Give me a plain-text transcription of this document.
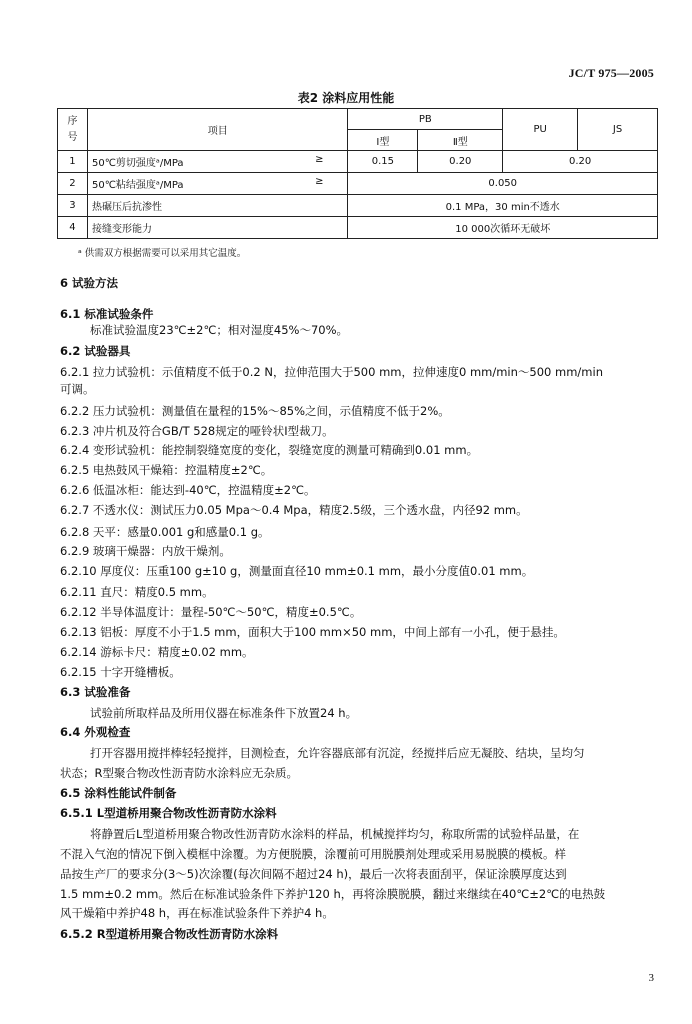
JC/T 975—2005
表2 涂料应用性能
序
号	项目	PB		PU	JS
		Ⅰ型	Ⅱ型		
1	50℃剪切强度ᵃ/MPa ≥	0.15	0.20	0.20	
2	50℃粘结强度ᵃ/MPa ≥	0.050			
3	热碾压后抗渗性	0.1 MPa，30 min不透水			
4	接缝变形能力	10 000次循环无破坏			
ᵃ 供需双方根据需要可以采用其它温度。
6 试验方法
6.1 标准试验条件
标准试验温度23℃±2℃；相对湿度45%～70%。
6.2 试验器具
6.2.1 拉力试验机：示值精度不低于0.2 N，拉伸范围大于500 mm，拉伸速度0 mm/min～500 mm/min
可调。
6.2.2 压力试验机：测量值在量程的15%～85%之间，示值精度不低于2%。
6.2.3 冲片机及符合GB/T 528规定的哑铃状Ⅰ型裁刀。
6.2.4 变形试验机：能控制裂缝宽度的变化，裂缝宽度的测量可精确到0.01 mm。
6.2.5 电热鼓风干燥箱：控温精度±2℃。
6.2.6 低温冰柜：能达到-40℃，控温精度±2℃。
6.2.7 不透水仪：测试压力0.05 Mpa～0.4 Mpa，精度2.5级，三个透水盘，内径92 mm。
6.2.8 天平：感量0.001 g和感量0.1 g。
6.2.9 玻璃干燥器：内放干燥剂。
6.2.10 厚度仪：压重100 g±10 g，测量面直径10 mm±0.1 mm，最小分度值0.01 mm。
6.2.11 直尺：精度0.5 mm。
6.2.12 半导体温度计：量程-50℃～50℃，精度±0.5℃。
6.2.13 铝板：厚度不小于1.5 mm，面积大于100 mm×50 mm，中间上部有一小孔，便于悬挂。
6.2.14 游标卡尺：精度±0.02 mm。
6.2.15 十字开缝槽板。
6.3 试验准备
试验前所取样品及所用仪器在标准条件下放置24 h。
6.4 外观检查
打开容器用搅拌棒轻轻搅拌，目测检查，允许容器底部有沉淀，经搅拌后应无凝胶、结块，呈均匀
状态；R型聚合物改性沥青防水涂料应无杂质。
6.5 涂料性能试件制备
6.5.1 L型道桥用聚合物改性沥青防水涂料
将静置后L型道桥用聚合物改性沥青防水涂料的样品，机械搅拌均匀，称取所需的试验样品量，在
不混入气泡的情况下倒入模框中涂覆。为方便脱膜，涂覆前可用脱膜剂处理或采用易脱膜的模板。样
品按生产厂的要求分(3～5)次涂覆(每次间隔不超过24 h)，最后一次将表面刮平，保证涂膜厚度达到
1.5 mm±0.2 mm。然后在标准试验条件下养护120 h，再将涂膜脱膜，翻过来继续在40℃±2℃的电热鼓
风干燥箱中养护48 h，再在标准试验条件下养护4 h。
6.5.2 R型道桥用聚合物改性沥青防水涂料
3
